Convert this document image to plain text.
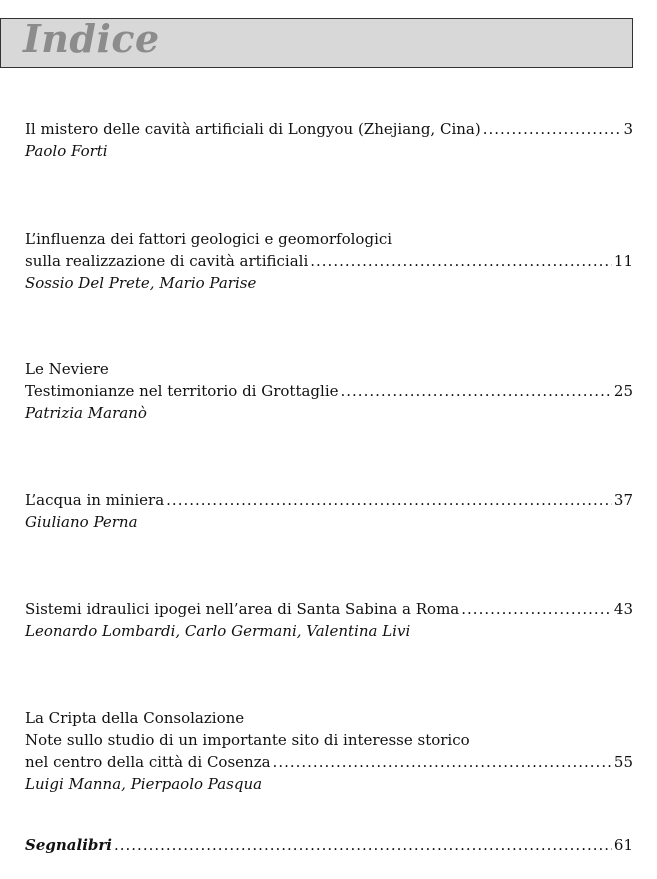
Indice
Il mistero delle cavità artificiali di Longyou (Zhejiang, Cina) .....	3
Paolo Forti
L’influenza dei fattori geologici e geomorfologici
sulla realizzazione di cavità artificiali .....	11
Sossio Del Prete, Mario Parise
Le Neviere
Testimonianze nel territorio di Grottaglie .....	25
Patrizia Maranò
L’acqua in miniera .....	37
Giuliano Perna
Sistemi idraulici ipogei nell’area di Santa Sabina a Roma .....	43
Leonardo Lombardi, Carlo Germani, Valentina Livi
La Cripta della Consolazione
Note sullo studio di un importante sito di interesse storico
nel centro della città di Cosenza .....	55
Luigi Manna, Pierpaolo Pasqua
Segnalibri .....	61
